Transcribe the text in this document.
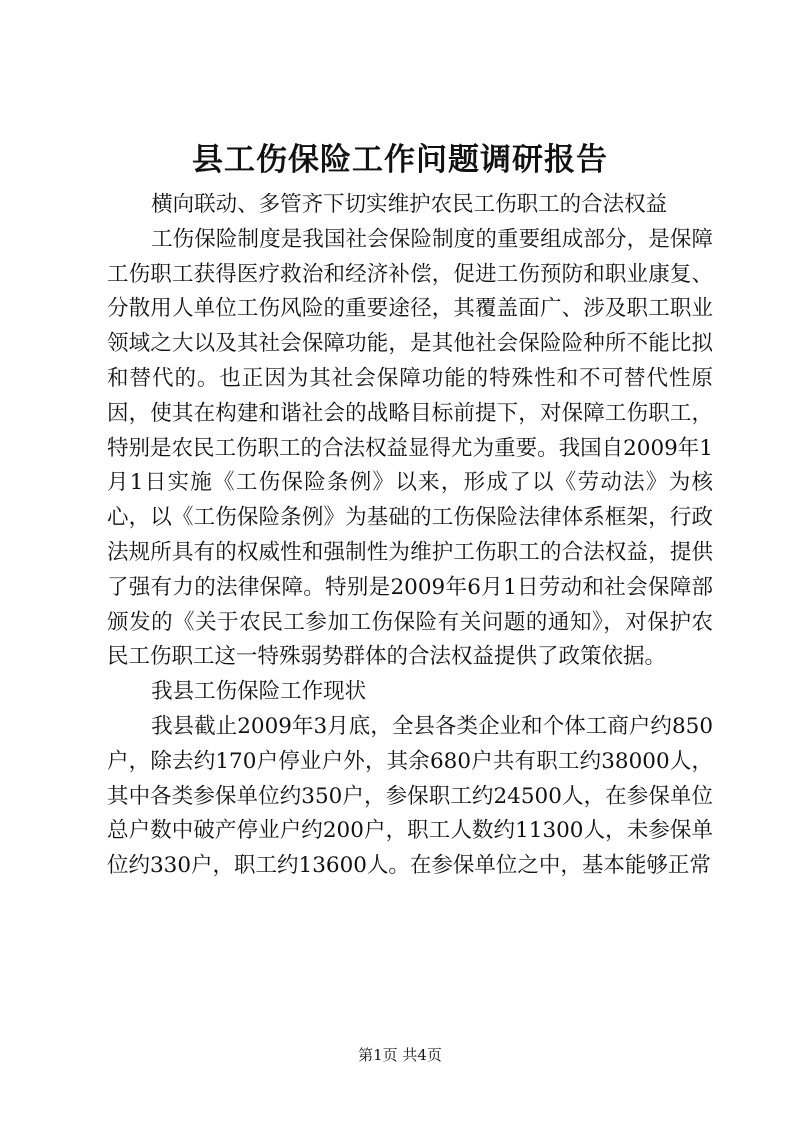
县工伤保险工作问题调研报告

横向联动、多管齐下切实维护农民工伤职工的合法权益

工伤保险制度是我国社会保险制度的重要组成部分，是保障工伤职工获得医疗救治和经济补偿，促进工伤预防和职业康复、分散用人单位工伤风险的重要途径，其覆盖面广、涉及职工职业领域之大以及其社会保障功能，是其他社会保险险种所不能比拟和替代的。也正因为其社会保障功能的特殊性和不可替代性原因，使其在构建和谐社会的战略目标前提下，对保障工伤职工，特别是农民工伤职工的合法权益显得尤为重要。我国自2009年1月1日实施《工伤保险条例》以来，形成了以《劳动法》为核心，以《工伤保险条例》为基础的工伤保险法律体系框架，行政法规所具有的权威性和强制性为维护工伤职工的合法权益，提供了强有力的法律保障。特别是2009年6月1日劳动和社会保障部颁发的《关于农民工参加工伤保险有关问题的通知》，对保护农民工伤职工这一特殊弱势群体的合法权益提供了政策依据。

我县工伤保险工作现状

我县截止2009年3月底，全县各类企业和个体工商户约850户，除去约170户停业户外，其余680户共有职工约38000人，其中各类参保单位约350户，参保职工约24500人，在参保单位总户数中破产停业户约200户，职工人数约11300人，未参保单位约330户，职工约13600人。在参保单位之中，基本能够正常

第1页 共4页
